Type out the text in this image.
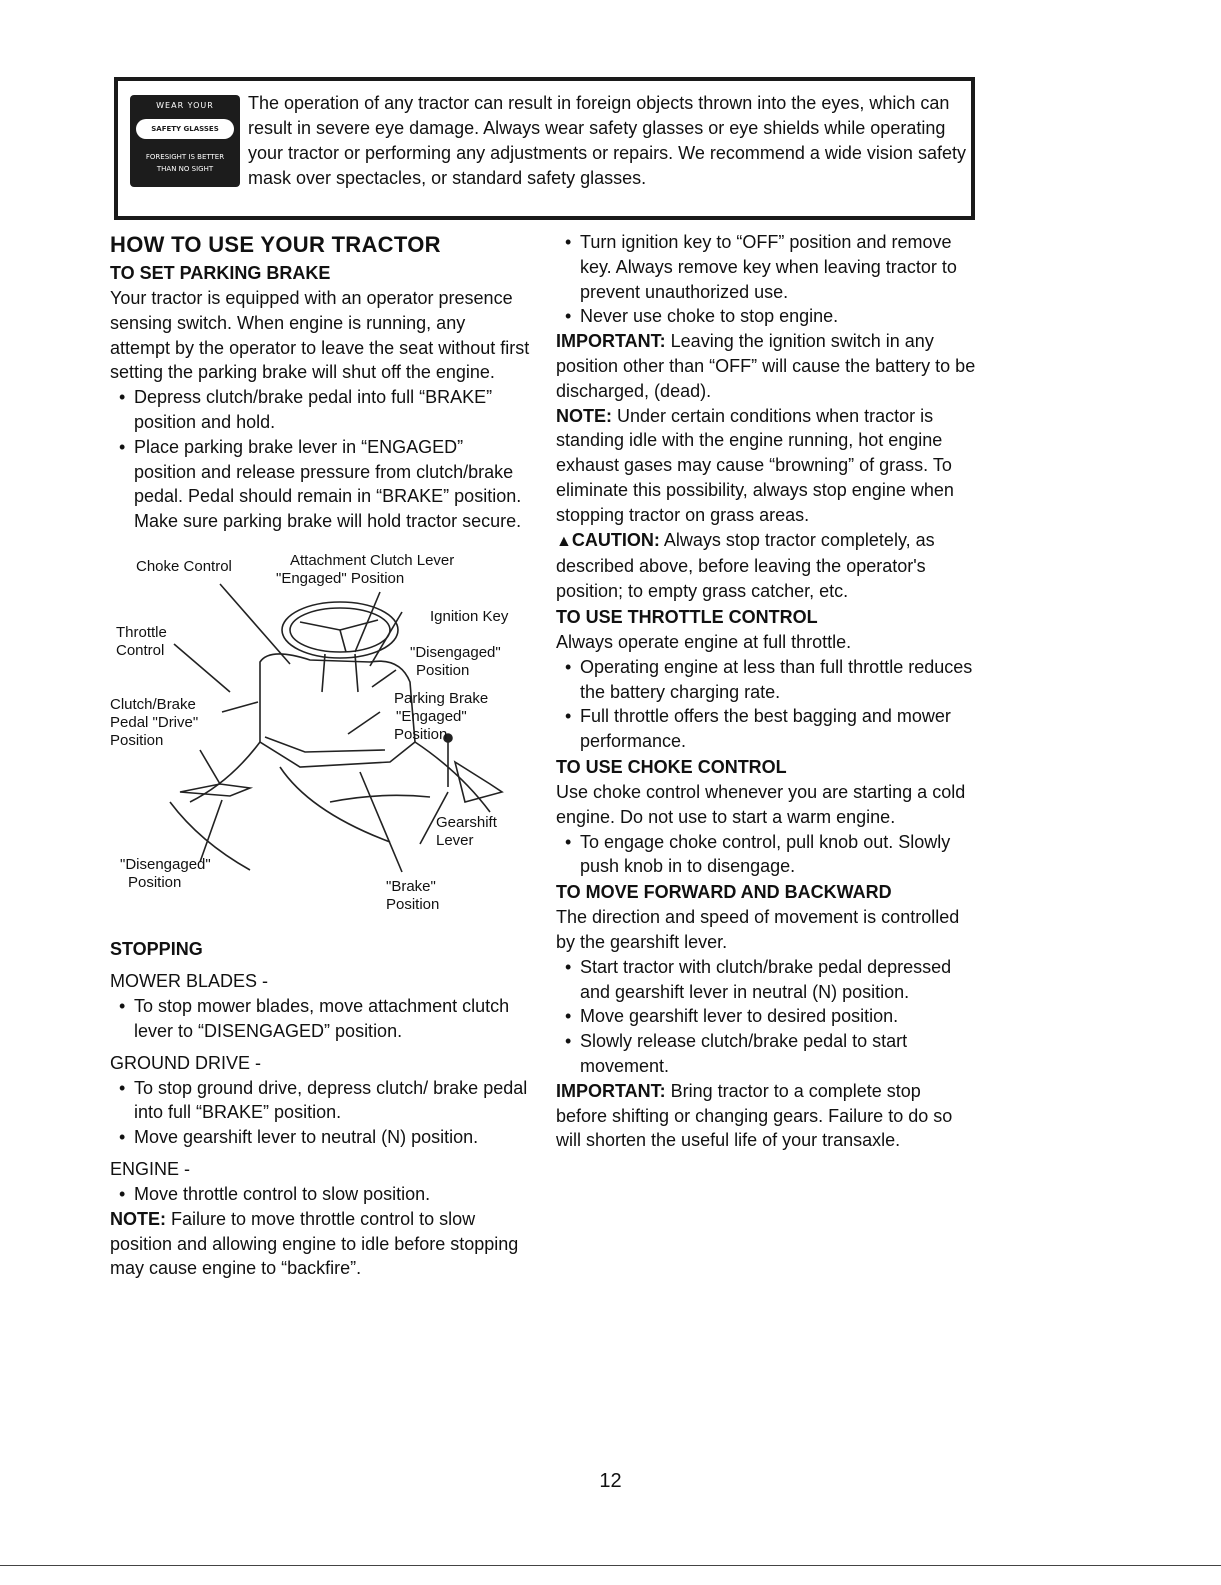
WEAR YOUR
SAFETY GLASSES
FORESIGHT IS BETTER
THAN NO SIGHT

The operation of any tractor can result in foreign objects thrown into the eyes, which can result in severe eye damage. Always wear safety glasses or eye shields while operating your tractor or performing any adjustments or repairs. We recommend a wide vision safety mask over spectacles, or standard safety glasses.

HOW TO USE YOUR TRACTOR

TO SET PARKING BRAKE

Your tractor is equipped with an operator presence sensing switch. When engine is running, any attempt by the operator to leave the seat without first setting the parking brake will shut off the engine.

• Depress clutch/brake pedal into full “BRAKE” position and hold.

• Place parking brake lever in “ENGAGED” position and release pressure from clutch/brake pedal. Pedal should remain in “BRAKE” position. Make sure parking brake will hold tractor secure.

Choke Control	Attachment Clutch Lever
"Engaged" Position
Ignition Key
"Disengaged"
Position
Throttle
Control
Parking Brake
"Engaged"
Position
Clutch/Brake
Pedal "Drive"
Position
Gearshift
Lever
"Disengaged"
Position	"Brake"
Position

STOPPING

MOWER BLADES -

• To stop mower blades, move attachment clutch lever to “DISENGAGED” position.

GROUND DRIVE -

• To stop ground drive, depress clutch/ brake pedal into full “BRAKE” position.

• Move gearshift lever to neutral (N) position.

ENGINE -

• Move throttle control to slow position.

NOTE: Failure to move throttle control to slow position and allowing engine to idle before stopping may cause engine to “backfire”.

• Turn ignition key to “OFF” position and remove key. Always remove key when leaving tractor to prevent unauthorized use.

• Never use choke to stop engine.

IMPORTANT: Leaving the ignition switch in any position other than “OFF” will cause the battery to be discharged, (dead).

NOTE: Under certain conditions when tractor is standing idle with the engine running, hot engine exhaust gases may cause “browning” of grass. To eliminate this possibility, always stop engine when stopping tractor on grass areas.

▲CAUTION: Always stop tractor completely, as described above, before leaving the operator's position; to empty grass catcher, etc.

TO USE THROTTLE CONTROL

Always operate engine at full throttle.

• Operating engine at less than full throttle reduces the battery charging rate.

• Full throttle offers the best bagging and mower performance.

TO USE CHOKE CONTROL

Use choke control whenever you are starting a cold engine. Do not use to start a warm engine.

• To engage choke control, pull knob out. Slowly push knob in to disengage.

TO MOVE FORWARD AND BACKWARD

The direction and speed of movement is controlled by the gearshift lever.

• Start tractor with clutch/brake pedal depressed and gearshift lever in neutral (N) position.

• Move gearshift lever to desired position.

• Slowly release clutch/brake pedal to start movement.

IMPORTANT: Bring tractor to a complete stop before shifting or changing gears. Failure to do so will shorten the useful life of your transaxle.

12
